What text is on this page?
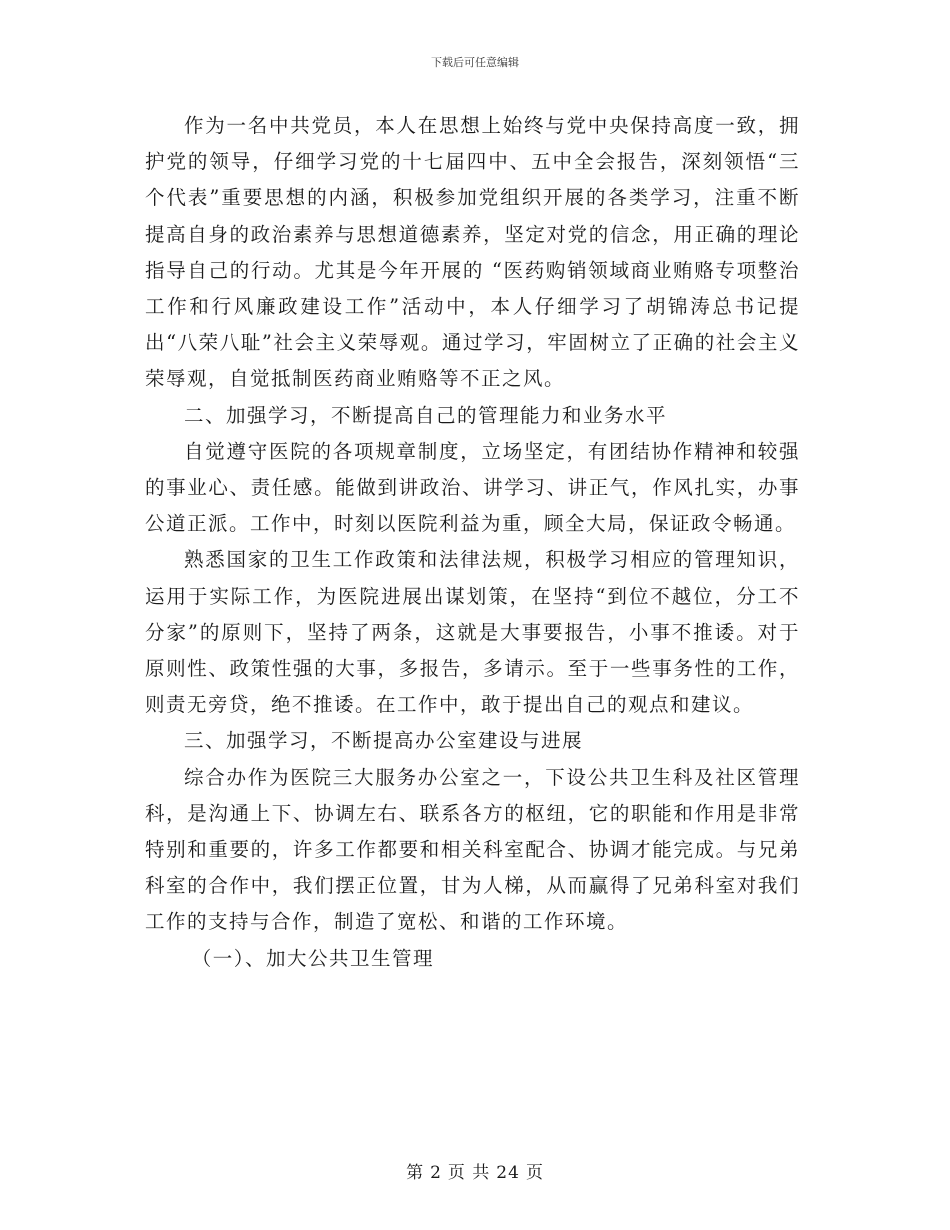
下载后可任意编辑

作为一名中共党员，本人在思想上始终与党中央保持高度一致，拥护党的领导，仔细学习党的十七届四中、五中全会报告，深刻领悟“三个代表”重要思想的内涵，积极参加党组织开展的各类学习，注重不断提高自身的政治素养与思想道德素养，坚定对党的信念，用正确的理论指导自己的行动。尤其是今年开展的 “医药购销领域商业贿赂专项整治工作和行风廉政建设工作”活动中，本人仔细学习了胡锦涛总书记提出“八荣八耻”社会主义荣辱观。通过学习，牢固树立了正确的社会主义荣辱观，自觉抵制医药商业贿赂等不正之风。

二、加强学习，不断提高自己的管理能力和业务水平

自觉遵守医院的各项规章制度，立场坚定，有团结协作精神和较强的事业心、责任感。能做到讲政治、讲学习、讲正气，作风扎实，办事公道正派。工作中，时刻以医院利益为重，顾全大局，保证政令畅通。

熟悉国家的卫生工作政策和法律法规，积极学习相应的管理知识，运用于实际工作，为医院进展出谋划策，在坚持“到位不越位，分工不分家”的原则下，坚持了两条，这就是大事要报告，小事不推诿。对于原则性、政策性强的大事，多报告，多请示。至于一些事务性的工作，则责无旁贷，绝不推诿。在工作中，敢于提出自己的观点和建议。

三、加强学习，不断提高办公室建设与进展

综合办作为医院三大服务办公室之一，下设公共卫生科及社区管理科，是沟通上下、协调左右、联系各方的枢纽，它的职能和作用是非常特别和重要的，许多工作都要和相关科室配合、协调才能完成。与兄弟科室的合作中，我们摆正位置，甘为人梯，从而赢得了兄弟科室对我们工作的支持与合作，制造了宽松、和谐的工作环境。

（一）、加大公共卫生管理

第 2 页 共 24 页
